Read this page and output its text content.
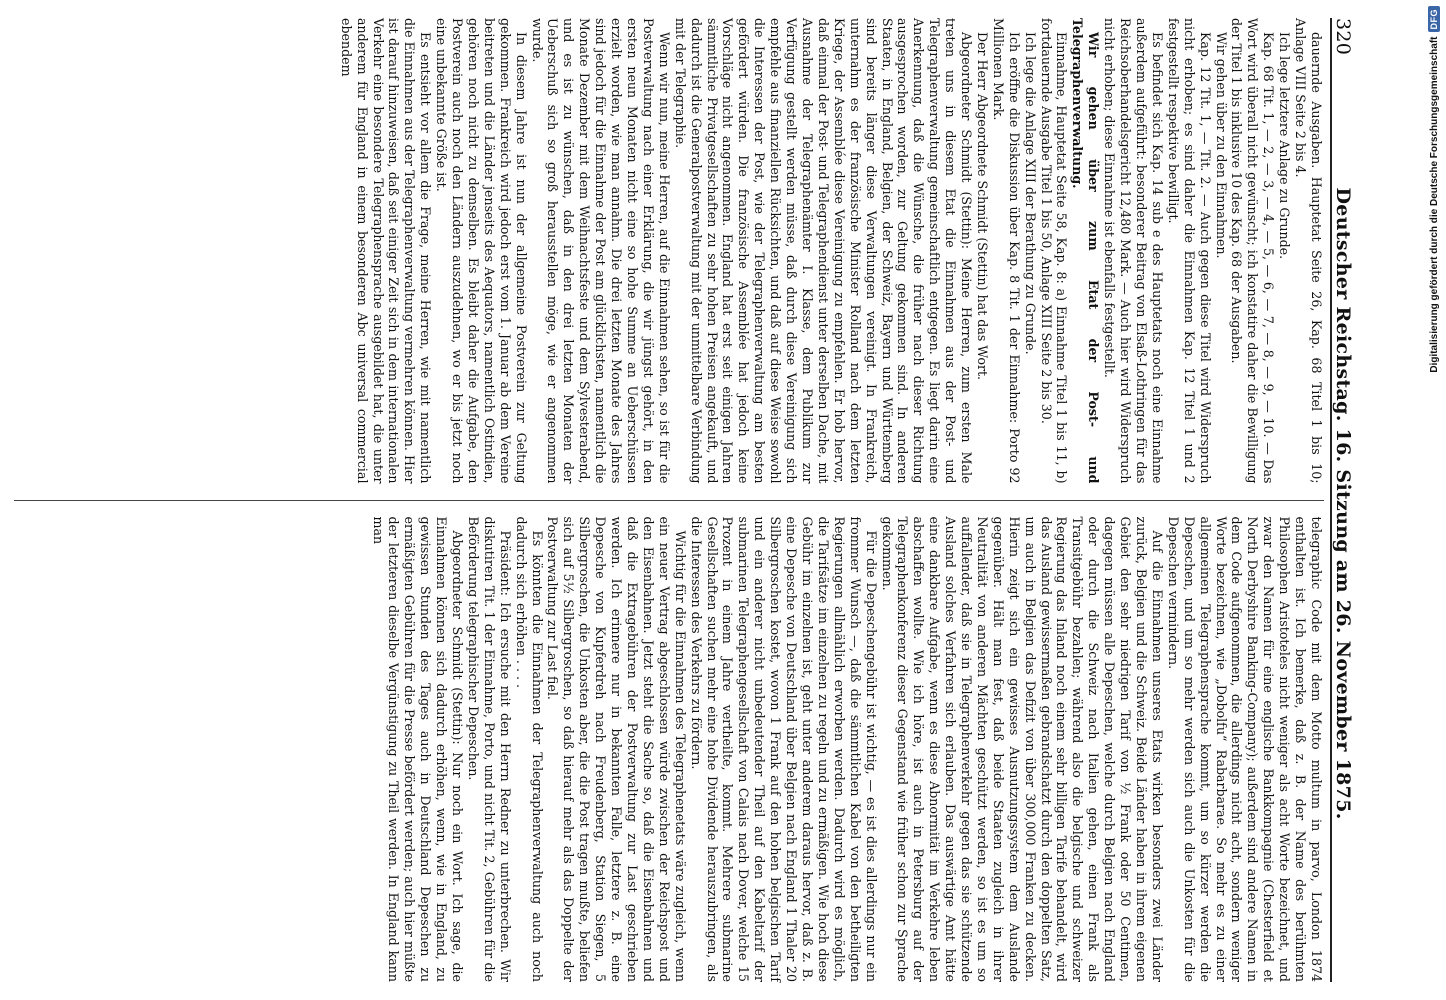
320
Deutscher Reichstag. 16. Sitzung am 26. November 1875.

dauernde Ausgaben. Hauptetat Seite 26, Kap. 68 Titel 1 bis 10; Anlage VIII Seite 2 bis 4.

Ich lege letztere Anlage zu Grunde.

Kap. 68 Tit. 1, — 2, — 3, — 4, — 5, — 6, — 7, — 8, — 9, — 10. — Das Wort wird überall nicht gewünscht; ich konstatire daher die Bewilligung der Titel 1 bis inklusive 10 des Kap. 68 der Ausgaben.

Wir gehen über zu den Einnahmen.

Kap. 12 Tit. 1, — Tit. 2. — Auch gegen diese Titel wird Widerspruch nicht erhoben; es sind daher die Einnahmen Kap. 12 Titel 1 und 2 festgestellt respektive bewilligt.

Es befindet sich Kap. 14 sub e des Hauptetats noch eine Einnahme außerdem aufgeführt: besonderer Beitrag von Elsaß-Lothringen für das Reichsoberhandelsgericht 12,480 Mark. — Auch hier wird Widerspruch nicht erhoben; diese Einnahme ist ebenfalls festgestellt.

Wir gehen über zum Etat der Post- und Telegraphenverwaltung.

Einnahme, Hauptetat Seite 58, Kap. 8: a) Einnahme Titel 1 bis 11, b) fortdauernde Ausgabe Titel 1 bis 50, Anlage XIII Seite 2 bis 30.

Ich lege die Anlage XIII der Berathung zu Grunde.

Ich eröffne die Diskussion über Kap. 8 Tit. 1 der Einnahme: Porto 92 Millionen Mark.

Der Herr Abgeordnete Schmidt (Stettin) hat das Wort.

Abgeordneter Schmidt (Stettin): Meine Herren, zum ersten Male treten uns in diesem Etat die Einnahmen aus der Post- und Telegraphenverwaltung gemeinschaftlich entgegen. Es liegt darin eine Anerkennung, daß die Wünsche, die früher nach dieser Richtung ausgesprochen worden, zur Geltung gekommen sind. In anderen Staaten, in England, Belgien, der Schweiz, Bayern und Württemberg sind bereits länger diese Verwaltungen vereinigt. In Frankreich, unternahm es der französische Minister Rolland nach dem letzten Kriege, der Assemblée diese Vereinigung zu empfehlen. Er hob hervor, daß einmal der Post- und Telegraphendienst unter derselben Dache, mit Ausnahme der Telegraphenämter I. Klasse, dem Publikum zur Verfügung gestellt werden müsse, daß durch diese Vereinigung sich empfehle aus finanziellen Rücksichten, und daß auf diese Weise sowohl die Interessen der Post, wie der Telegraphenverwaltung am besten gefördert würden. Die französische Assemblée hat jedoch keine Vorschläge nicht angenommen. England hat erst seit einigen Jahren sämmtliche Privatgesellschaften zu sehr hohen Preisen angekauft, und dadurch ist die Generalpostverwaltung mit der unmittelbare Verbindung mit der Telegraphie.

Wenn wir nun, meine Herren, auf die Einnahmen sehen, so ist für die Postverwaltung nach einer Erklärung, die wir jüngst gehört, in den ersten neun Monaten nicht eine so hohe Summe an Ueberschüssen erzielt worden, wie man annahm. Die drei letzten Monate des Jahres sind jedoch für die Einnahme der Post am glücklichsten, namentlich die Monate Dezember mit dem Weihnachtsfeste und dem Sylvesterabend, und es ist zu wünschen, daß in den drei letzten Monaten der Ueberschuß sich so groß herausstellen möge, wie er angenommen wurde.

In diesem Jahre ist nun der allgemeine Postverein zur Geltung gekommen. Frankreich wird jedoch erst vom 1. Januar ab dem Vereine beitreten und die Länder jenseits des Aequators, namentlich Ostindien, gehören noch nicht zu demselben. Es bleibt daher die Aufgabe, den Postverein auch noch den Ländern auszudehnen, wo er bis jetzt noch eine unbekannte Größe ist.

Es entsieht vor allem die Frage, meine Herren, wie mit namentlich die Einnahmen aus der Telegraphenverwaltung vermehren können. Hier ist darauf hinzuweisen, daß seit einiger Zeit sich in dem internationalen Verkehr eine besondere Telegraphensprache ausgebildet hat, die unter anderem für England in einem besonderen Abc universal commercial ebendem

telegraphic Code mit dem Motto multum in parvo, London 1874 enthalten ist. Ich bemerke, daß z. B. der Name des berühmten Philosophen Aristoteles nicht weniger als acht Worte bezeichnet, und zwar den Namen für eine englische Bankkompagnie (Chesterfield et North Derbyshire Banking-Company); außerdem sind andere Namen in dem Code aufgenommen, die allerdings nicht acht, sondern weniger Worte bezeichnen, wie „Dobolfu“ Rabarbarae. So mehr es zu einer allgemeinen Telegraphensprache kommt, um so kürzer werden die Depeschen, und um so mehr werden sich auch die Unkosten für die Depeschen vermindern.

Auf die Einnahmen unseres Etats wirken besonders zwei Länder zurück, Belgien und die Schweiz. Beide Länder haben in ihrem eigenen Gebiet den sehr niedrigen Tarif von ½ Frank oder 50 Centimen, dagegen müssen alle Depeschen, welche durch Belgien nach England oder durch die Schweiz nach Italien gehen, einen Frank als Transitgebühr bezahlen; während also die belgische und schweizer Regierung das Inland noch einem sehr billigen Tarife behandelt, wird das Ausland gewissermaßen gebrandschatzt durch den doppelten Satz, um auch in Belgien das Defizit von über 300,000 Franken zu decken. Hierin zeigt sich ein gewisses Ausnutzungssystem dem Auslande gegenüber. Hält man fest, daß beide Staaten zugleich in ihrer Neutralität von anderen Mächten geschützt werden, so ist es um so auffallender, daß sie in Telegraphenverkehr gegen das sie schützende Ausland solches Verfahren sich erlauben. Das auswärtige Amt hätte eine dankbare Aufgabe, wenn es diese Abnormität im Verkehre leben abschaffen wollte. Wie ich höre, ist auch in Petersburg auf der Telegraphenkonferenz dieser Gegenstand wie früher schon zur Sprache gekommen.

Für die Depeschengebühr ist wichtig, — es ist dies allerdings nur ein frommer Wunsch —, daß die sämmtlichen Kabel von den betheiligten Regierungen allmählich erworben werden. Dadurch wird es möglich, die Tarifsätze im einzelnen zu regeln und zu ermäßigen. Wie hoch diese Gebühr im einzelnen ist, geht unter anderem daraus hervor, daß z. B. eine Depesche von Deutschland über Belgien nach England 1 Thaler 20 Silbergroschen kostet, wovon 1 Frank auf den hohen belgischen Tarif und ein anderer nicht unbedeutender Theil auf den Kabeltarif der submarinen Telegraphengesellschaft von Calais nach Dover, welche 15 Prozent in einem Jahre vertheilte, kommt. Mehrere submarine Gesellschaften suchen mehr eine hohe Dividende herauszubringen, als die Interessen des Verkehrs zu fördern.

Wichtig für die Einnahmen des Telegraphenetats wäre zugleich, wenn ein neuer Vertrag abgeschlossen würde zwischen der Reichspost und den Eisenbahnen. Jetzt steht die Sache so, daß die Eisenbahnen und daß die Extragebühren der Postverwaltung zur Last geschrieben werden. Ich erinnere nur in bekannten Falle, letztere z. B. eine Depesche von Kupferdreh nach Freudenberg, Station Siegen, 5 Silbergroschen, die Unkosten aber, die die Post tragen mußte, beliefen sich auf 5½ Silbergroschen, so daß hierauf mehr als das Doppelte der Postverwaltung zur Last fiel.

Es könnten die Einnahmen der Telegraphenverwaltung auch noch dadurch sich erhöhen . . . .

Präsident: Ich ersuche mit den Herrn Redner zu unterbrechen. Wir diskutiren Tit. 1 der Einnahme, Porto, und nicht Tit. 2, Gebühren für die Beförderung telegraphischer Depeschen.

Abgeordneter Schmidt (Stettin): Nur noch ein Wort. Ich sage, die Einnahmen können sich dadurch erhöhen, wenn, wie in England, zu gewissen Stunden des Tages auch in Deutschland Depeschen zu ermäßigten Gebühren für die Presse befördert werden; auch hier müßte der letzteren dieselbe Vergünstigung zu Theil werden. In England kann man

Digitalisierung gefördert durch die Deutsche Forschungsgemeinschaft
DFG
